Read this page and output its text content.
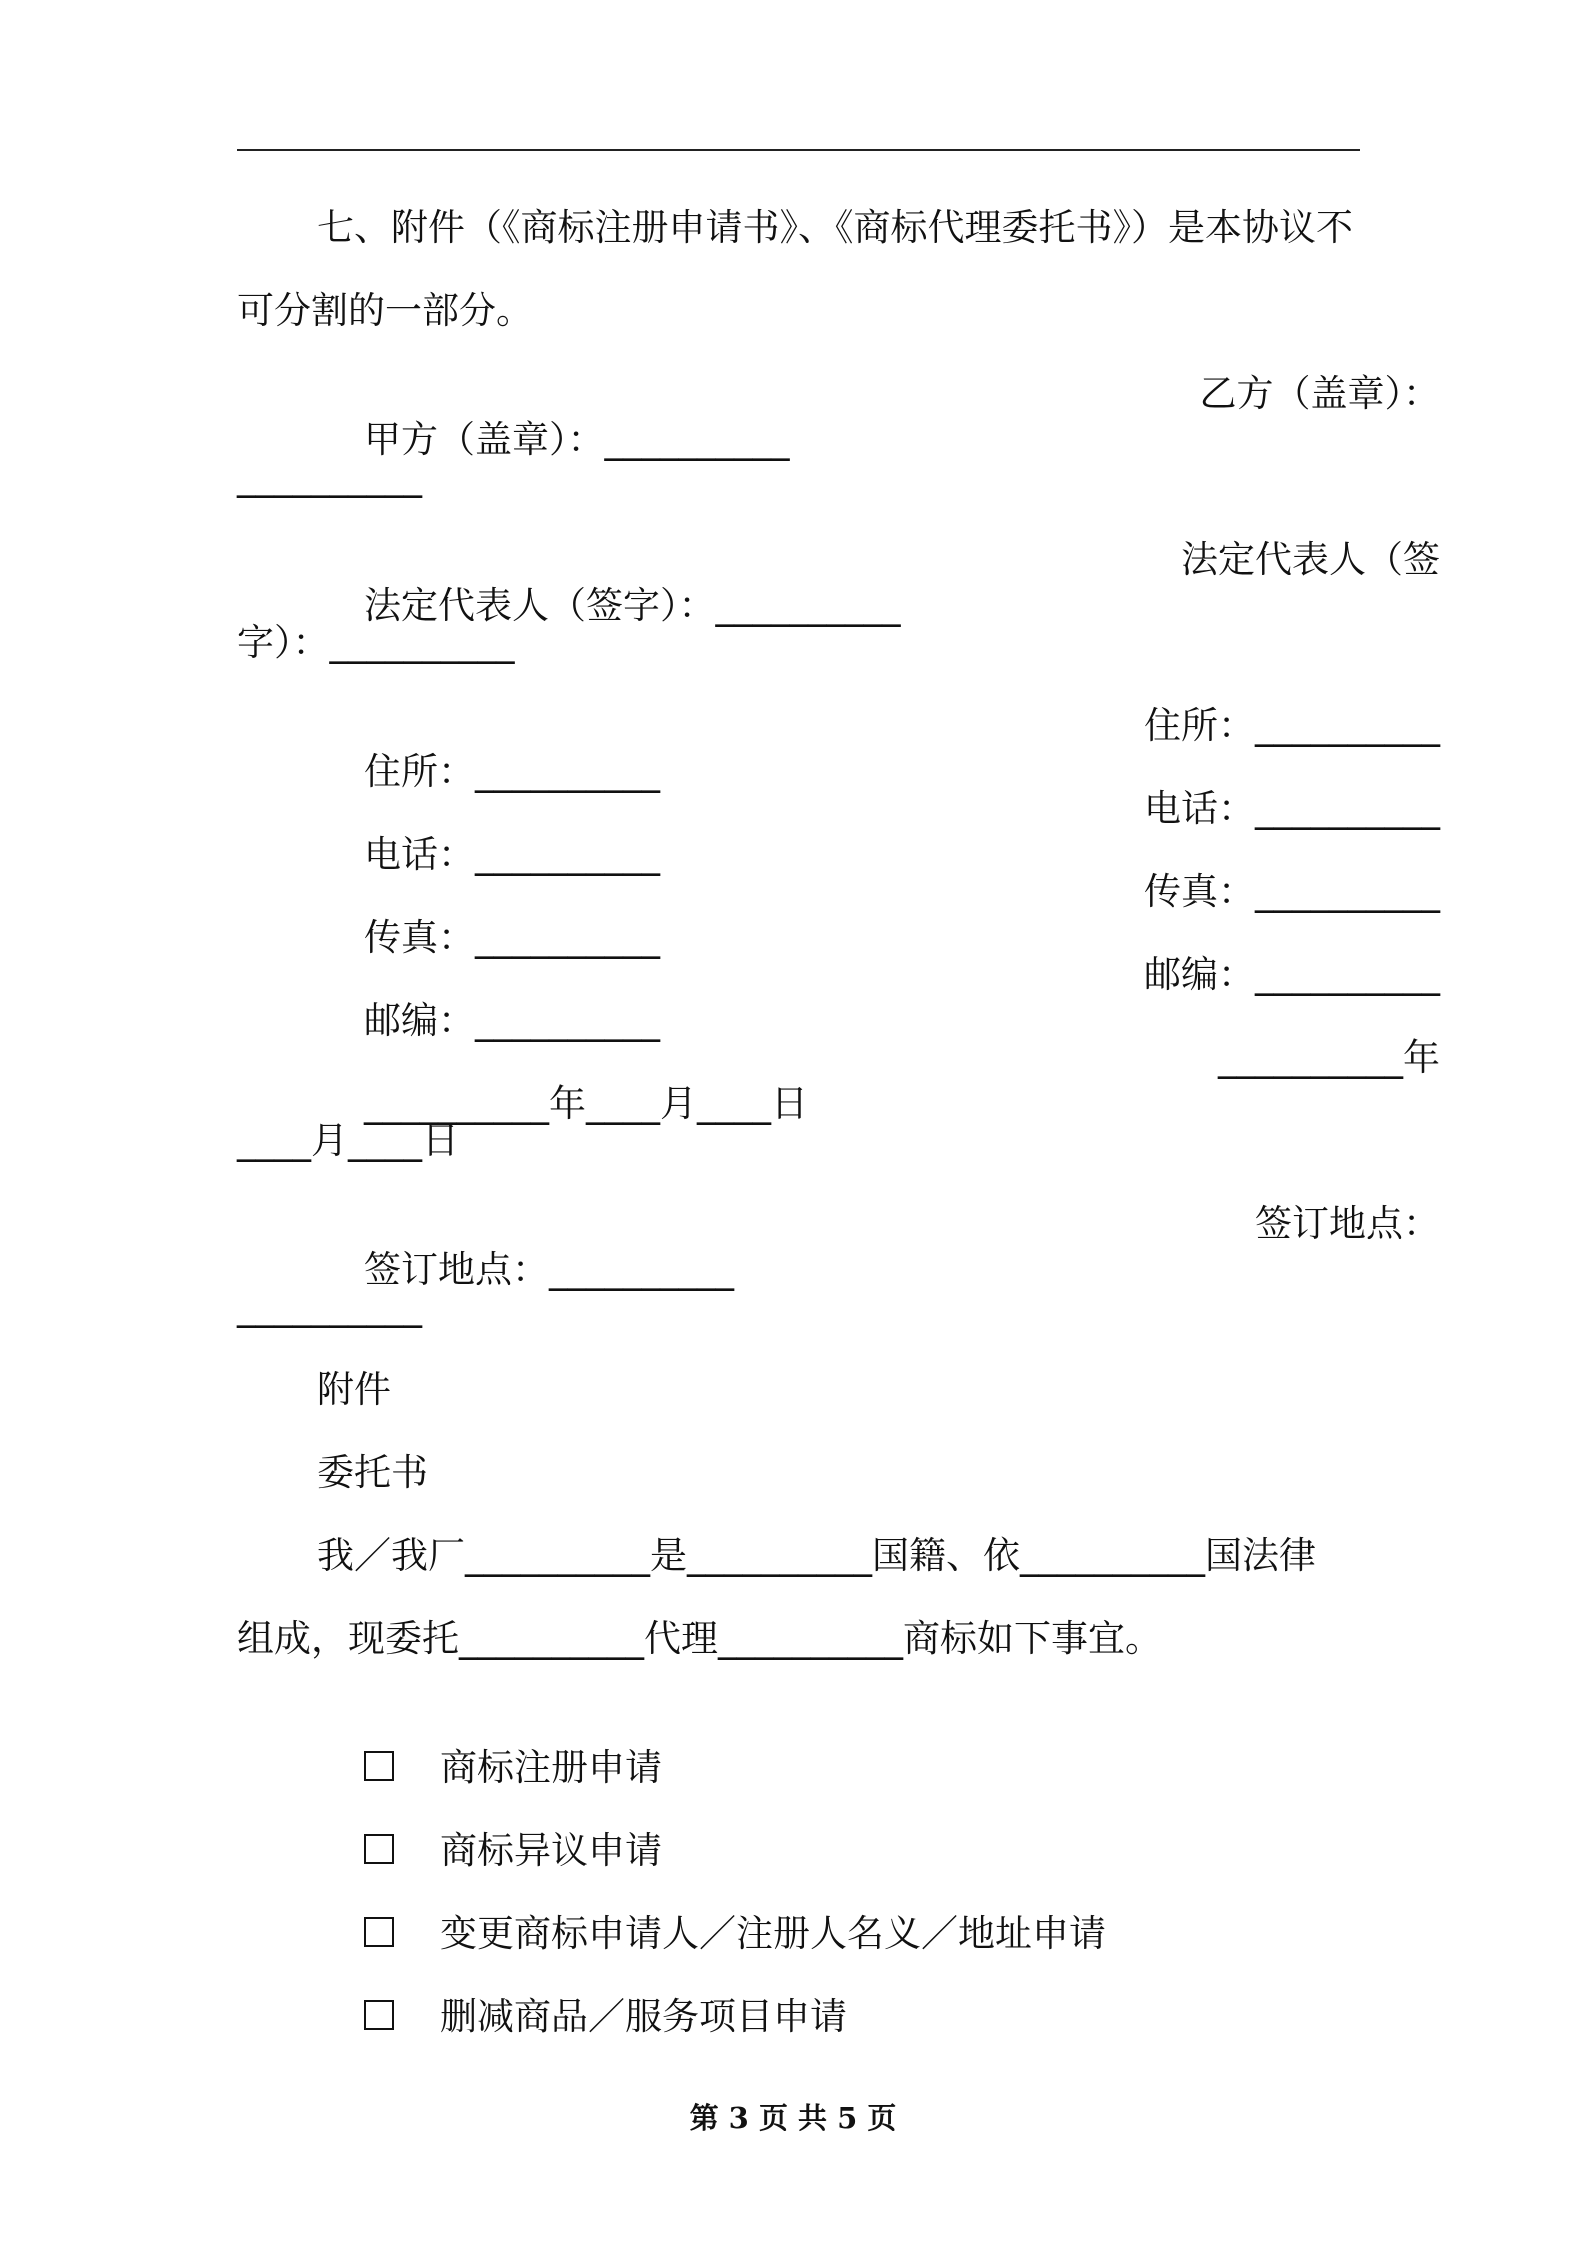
七、附件（《商标注册申请书》、《商标代理委托书》）是本协议不
可分割的一部分。

甲方（盖章）：__________

乙方（盖章）：

__________

法定代表人（签字）：__________

法定代表人（签

字）：__________

住所：__________

住所：__________

电话：__________

电话：__________

传真：__________

传真：__________

邮编：__________

邮编：__________

__________年____月____日

__________年

____月____日

签订地点：__________

签订地点：

__________
附件
委托书
我／我厂__________是__________国籍、依__________国法律
组成，现委托__________代理__________商标如下事宜。

商标注册申请

商标异议申请

变更商标申请人／注册人名义／地址申请

删减商品／服务项目申请

第 3 页 共 5 页
